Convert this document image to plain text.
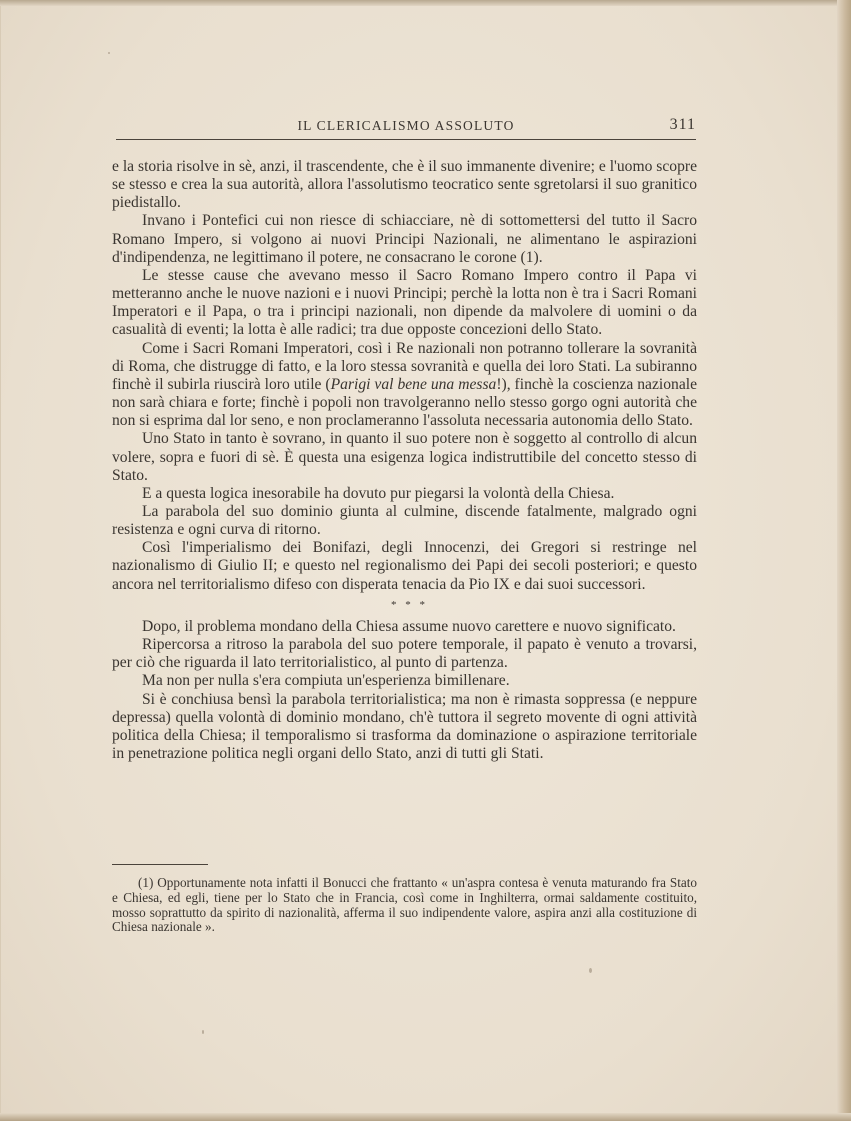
IL CLERICALISMO ASSOLUTO	311

e la storia risolve in sè, anzi, il trascendente, che è il suo immanente divenire; e l'uomo scopre se stesso e crea la sua autorità, allora l'assolutismo teocratico sente sgretolarsi il suo granitico piedistallo.

Invano i Pontefici cui non riesce di schiacciare, nè di sottomettersi del tutto il Sacro Romano Impero, si volgono ai nuovi Principi Nazionali, ne alimentano le aspirazioni d'indipendenza, ne legittimano il potere, ne consacrano le corone (1).

Le stesse cause che avevano messo il Sacro Romano Impero contro il Papa vi metteranno anche le nuove nazioni e i nuovi Principi; perchè la lotta non è tra i Sacri Romani Imperatori e il Papa, o tra i principi nazionali, non dipende da malvolere di uomini o da casualità di eventi; la lotta è alle radici; tra due opposte concezioni dello Stato.

Come i Sacri Romani Imperatori, così i Re nazionali non potranno tollerare la sovranità di Roma, che distrugge di fatto, e la loro stessa sovranità e quella dei loro Stati. La subiranno finchè il subirla riuscirà loro utile (Parigi val bene una messa!), finchè la coscienza nazionale non sarà chiara e forte; finchè i popoli non travolgeranno nello stesso gorgo ogni autorità che non si esprima dal lor seno, e non proclameranno l'assoluta necessaria autonomia dello Stato.

Uno Stato in tanto è sovrano, in quanto il suo potere non è soggetto al controllo di alcun volere, sopra e fuori di sè. È questa una esigenza logica indistruttibile del concetto stesso di Stato.

E a questa logica inesorabile ha dovuto pur piegarsi la volontà della Chiesa.

La parabola del suo dominio giunta al culmine, discende fatalmente, malgrado ogni resistenza e ogni curva di ritorno.

Così l'imperialismo dei Bonifazi, degli Innocenzi, dei Gregori si restringe nel nazionalismo di Giulio II; e questo nel regionalismo dei Papi dei secoli posteriori; e questo ancora nel territorialismo difeso con disperata tenacia da Pio IX e dai suoi successori.

* * *

Dopo, il problema mondano della Chiesa assume nuovo carettere e nuovo significato.

Ripercorsa a ritroso la parabola del suo potere temporale, il papato è venuto a trovarsi, per ciò che riguarda il lato territorialistico, al punto di partenza.

Ma non per nulla s'era compiuta un'esperienza bimillenare.

Si è conchiusa bensì la parabola territorialistica; ma non è rimasta soppressa (e neppure depressa) quella volontà di dominio mondano, ch'è tuttora il segreto movente di ogni attività politica della Chiesa; il temporalismo si trasforma da dominazione o aspirazione territoriale in penetrazione politica negli organi dello Stato, anzi di tutti gli Stati.

(1) Opportunamente nota infatti il Bonucci che frattanto « un'aspra contesa è venuta maturando fra Stato e Chiesa, ed egli, tiene per lo Stato che in Francia, così come in Inghilterra, ormai saldamente costituito, mosso soprattutto da spirito di nazionalità, afferma il suo indipendente valore, aspira anzi alla costituzione di Chiesa nazionale ».
